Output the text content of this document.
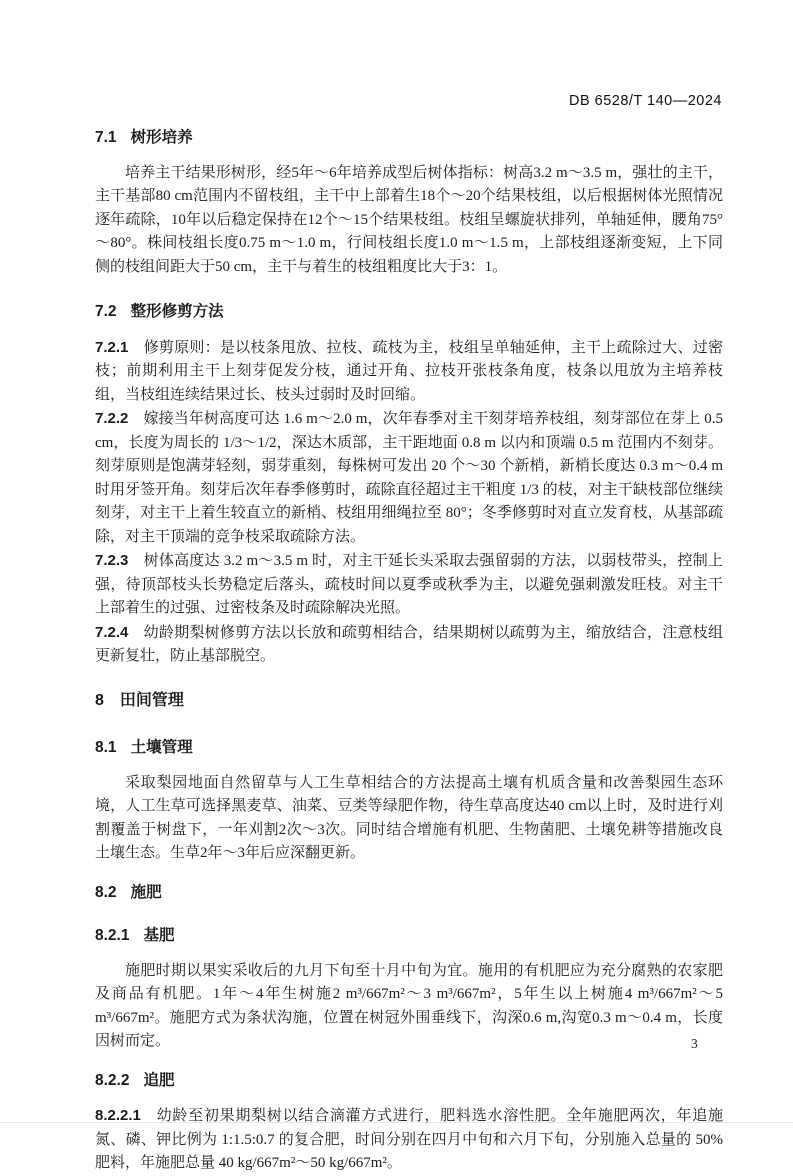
DB 6528/T 140—2024
7.1 树形培养

培养主干结果形树形，经5年～6年培养成型后树体指标：树高3.2 m～3.5 m，强壮的主干，主干基部80 cm范围内不留枝组，主干中上部着生18个～20个结果枝组，以后根据树体光照情况逐年疏除，10年以后稳定保持在12个～15个结果枝组。枝组呈螺旋状排列，单轴延伸，腰角75°～80°。株间枝组长度0.75 m～1.0 m，行间枝组长度1.0 m～1.5 m，上部枝组逐渐变短，上下同侧的枝组间距大于50 cm，主干与着生的枝组粗度比大于3：1。

7.2 整形修剪方法

7.2.1 修剪原则：是以枝条甩放、拉枝、疏枝为主，枝组呈单轴延伸，主干上疏除过大、过密枝；前期利用主干上刻芽促发分枝，通过开角、拉枝开张枝条角度，枝条以甩放为主培养枝组，当枝组连续结果过长、枝头过弱时及时回缩。

7.2.2 嫁接当年树高度可达 1.6 m～2.0 m，次年春季对主干刻芽培养枝组，刻芽部位在芽上 0.5 cm，长度为周长的 1/3～1/2，深达木质部，主干距地面 0.8 m 以内和顶端 0.5 m 范围内不刻芽。刻芽原则是饱满芽轻刻，弱芽重刻，每株树可发出 20 个～30 个新梢，新梢长度达 0.3 m～0.4 m 时用牙签开角。刻芽后次年春季修剪时，疏除直径超过主干粗度 1/3 的枝，对主干缺枝部位继续刻芽，对主干上着生较直立的新梢、枝组用细绳拉至 80°；冬季修剪时对直立发育枝，从基部疏除，对主干顶端的竞争枝采取疏除方法。

7.2.3 树体高度达 3.2 m～3.5 m 时，对主干延长头采取去强留弱的方法，以弱枝带头，控制上强，待顶部枝头长势稳定后落头，疏枝时间以夏季或秋季为主，以避免强刺激发旺枝。对主干上部着生的过强、过密枝条及时疏除解决光照。

7.2.4 幼龄期梨树修剪方法以长放和疏剪相结合，结果期树以疏剪为主，缩放结合，注意枝组更新复壮，防止基部脱空。

8 田间管理
8.1 土壤管理

采取梨园地面自然留草与人工生草相结合的方法提高土壤有机质含量和改善梨园生态环境，人工生草可选择黑麦草、油菜、豆类等绿肥作物，待生草高度达40 cm以上时，及时进行刈割覆盖于树盘下，一年刈割2次～3次。同时结合增施有机肥、生物菌肥、土壤免耕等措施改良土壤生态。生草2年～3年后应深翻更新。

8.2 施肥
8.2.1 基肥

施肥时期以果实采收后的九月下旬至十月中旬为宜。施用的有机肥应为充分腐熟的农家肥及商品有机肥。1年～4年生树施2 m³/667m²～3 m³/667m²，5年生以上树施4 m³/667m²～5 m³/667m²。施肥方式为条状沟施，位置在树冠外围垂线下，沟深0.6 m,沟宽0.3 m～0.4 m，长度因树而定。

8.2.2 追肥

8.2.2.1 幼龄至初果期梨树以结合滴灌方式进行，肥料选水溶性肥。全年施肥两次，年追施氮、磷、钾比例为 1:1.5:0.7 的复合肥，时间分别在四月中旬和六月下旬，分别施入总量的 50%肥料，年施肥总量 40 kg/667m²～50 kg/667m²。

3
